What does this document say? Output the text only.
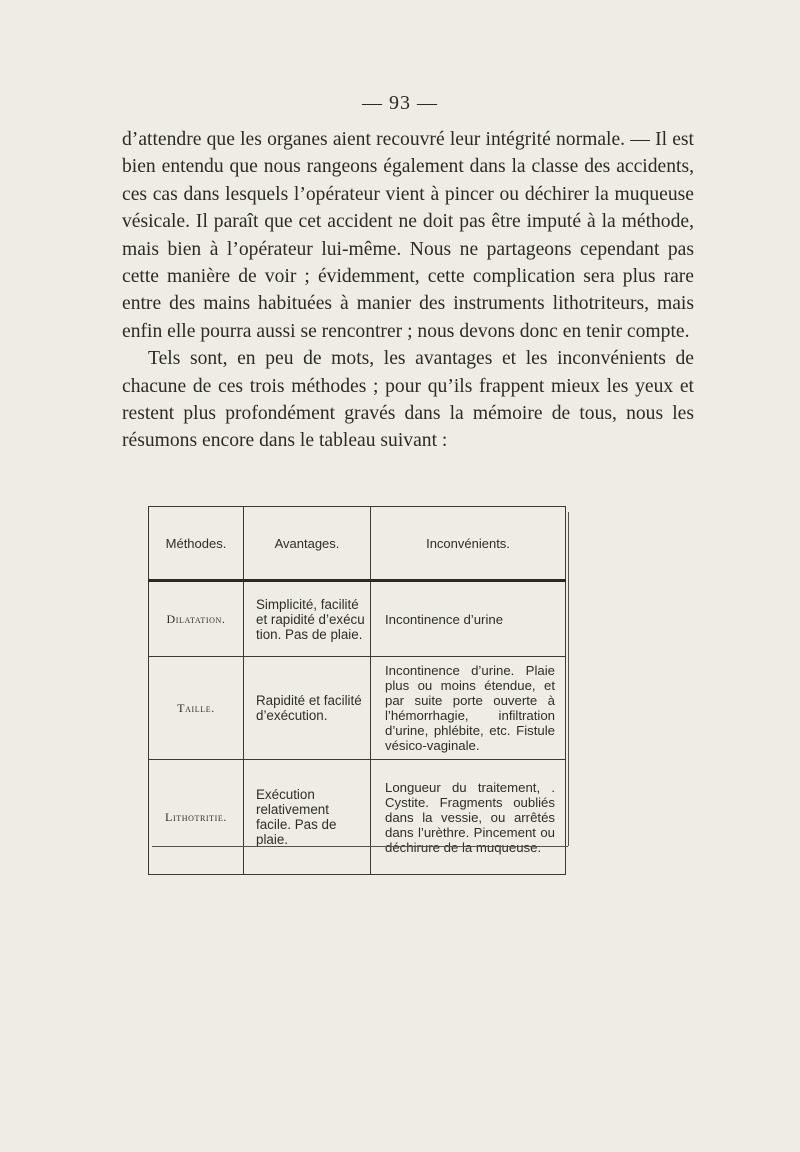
— 93 —

d’attendre que les organes aient recouvré leur intégrité normale. — Il est bien entendu que nous rangeons également dans la classe des accidents, ces cas dans lesquels l’opérateur vient à pincer ou déchirer la muqueuse vésicale. Il paraît que cet accident ne doit pas être imputé à la méthode, mais bien à l’opérateur lui-même. Nous ne partageons cependant pas cette manière de voir ; évidemment, cette complication sera plus rare entre des mains habituées à manier des instruments lithotriteurs, mais enfin elle pourra aussi se rencontrer ; nous devons donc en tenir compte.

Tels sont, en peu de mots, les avantages et les inconvénients de chacune de ces trois méthodes ; pour qu’ils frappent mieux les yeux et restent plus profondément gravés dans la mémoire de tous, nous les résumons encore dans le tableau suivant :

Méthodes.	Avantages.	Inconvénients.
Dilatation.	Simplicité, facilité et rapidité d’exécu tion. Pas de plaie.	Incontinence d’urine
Taille.	Rapidité et facilité d’exécution.	Incontinence d’urine. Plaie plus ou moins étendue, et par suite porte ouverte à l’hémorrhagie, infiltration d’urine, phlébite, etc. Fistule vésico-vaginale.
Lithotritie.	Exécution relativement facile. Pas de plaie.	Longueur du traitement, . Cystite. Fragments oubliés dans la vessie, ou arrêtés dans l’urèthre. Pincement ou déchirure de la muqueuse.
